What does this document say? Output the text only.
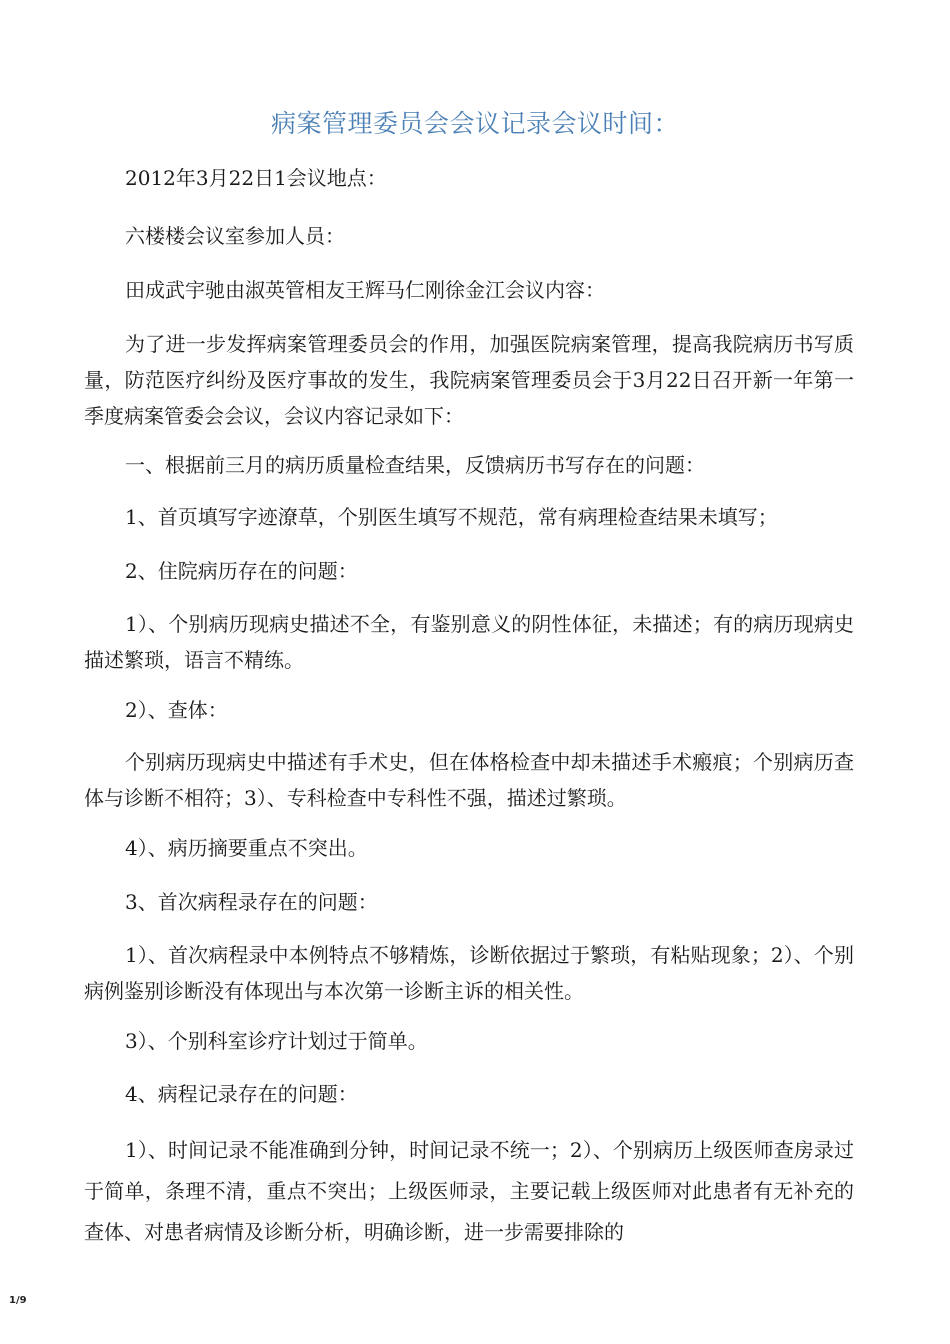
病案管理委员会会议记录会议时间：

2012年3月22日1会议地点：

六楼楼会议室参加人员：

田成武宇驰由淑英管相友王辉马仁刚徐金江会议内容：

为了进一步发挥病案管理委员会的作用，加强医院病案管理，提高我院病历书写质量，防范医疗纠纷及医疗事故的发生，我院病案管理委员会于3月22日召开新一年第一季度病案管委会会议，会议内容记录如下：

一、根据前三月的病历质量检查结果，反馈病历书写存在的问题：

1、首页填写字迹潦草，个别医生填写不规范，常有病理检查结果未填写；

2、住院病历存在的问题：

1）、个别病历现病史描述不全，有鉴别意义的阴性体征，未描述；有的病历现病史描述繁琐，语言不精练。

2）、查体：

个别病历现病史中描述有手术史，但在体格检查中却未描述手术瘢痕；个别病历查体与诊断不相符；3）、专科检查中专科性不强，描述过繁琐。

4）、病历摘要重点不突出。

3、首次病程录存在的问题：

1）、首次病程录中本例特点不够精炼，诊断依据过于繁琐，有粘贴现象；2）、个别病例鉴别诊断没有体现出与本次第一诊断主诉的相关性。

3）、个别科室诊疗计划过于简单。

4、病程记录存在的问题：

1）、时间记录不能准确到分钟，时间记录不统一；2）、个别病历上级医师查房录过于简单，条理不清，重点不突出；上级医师录，主要记载上级医师对此患者有无补充的查体、对患者病情及诊断分析，明确诊断，进一步需要排除的

1/9
